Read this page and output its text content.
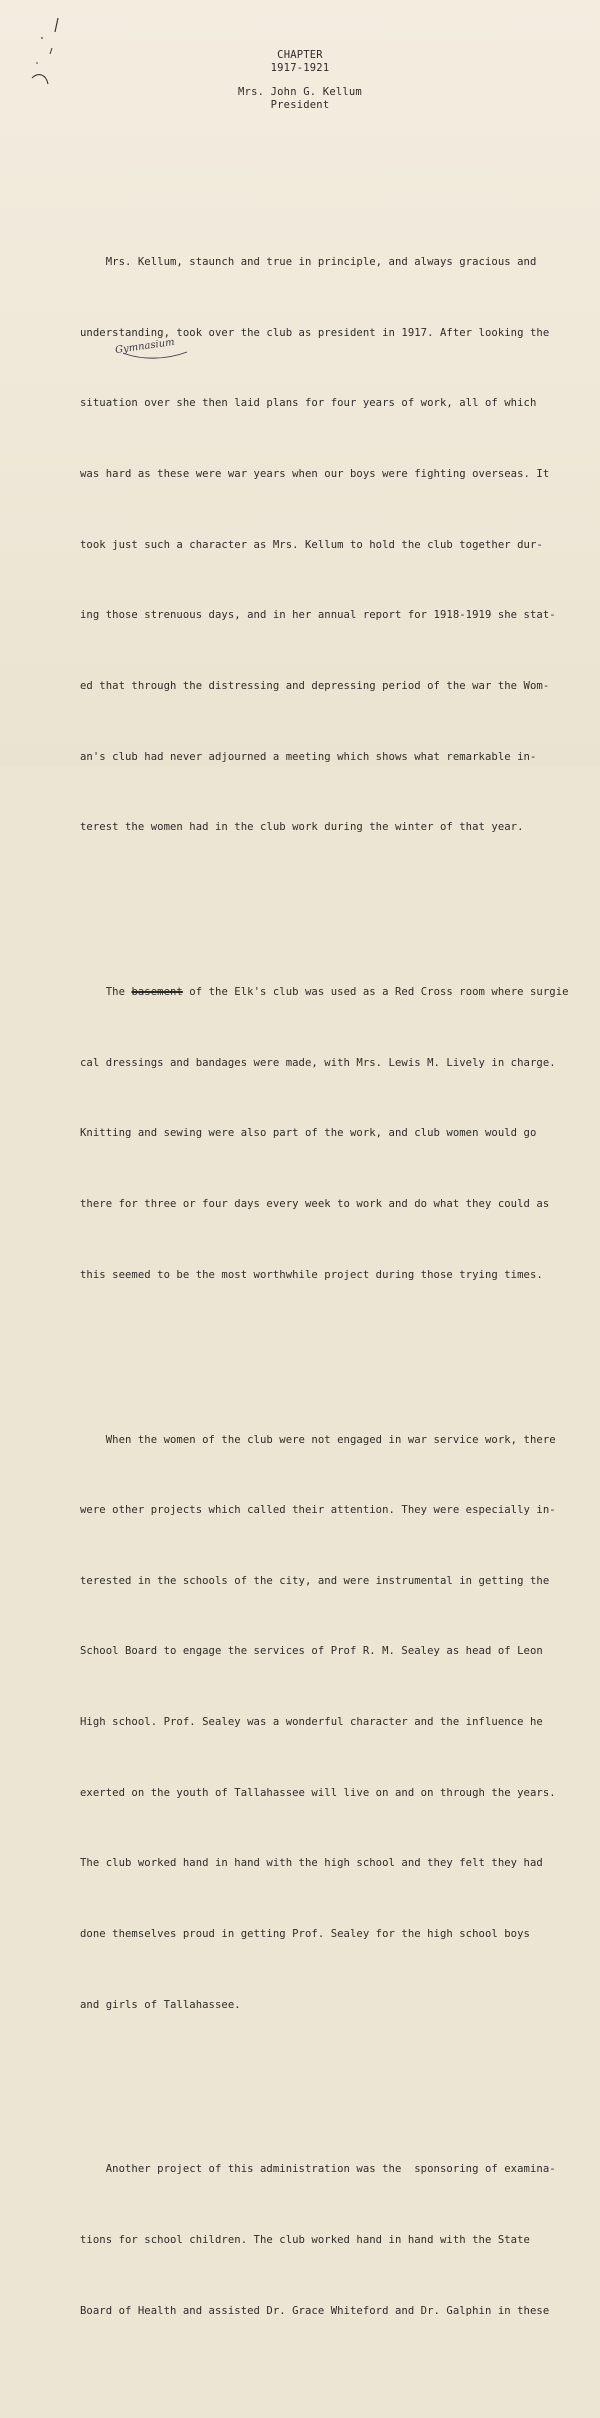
CHAPTER
1917-1921
Mrs. John G. Kellum
President

Mrs. Kellum, staunch and true in principle, and always gracious and

understanding, took over the club as president in 1917. After looking the

situation over she then laid plans for four years of work, all of which

was hard as these were war years when our boys were fighting overseas. It

took just such a character as Mrs. Kellum to hold the club together dur-

ing those strenuous days, and in her annual report for 1918-1919 she stat-

ed that through the distressing and depressing period of the war the Wom-

an's club had never adjourned a meeting which shows what remarkable in-

terest the women had in the club work during the winter of that year.

The basement of the Elk's club was used as a Red Cross room where surgie

cal dressings and bandages were made, with Mrs. Lewis M. Lively in charge.

Knitting and sewing were also part of the work, and club women would go

there for three or four days every week to work and do what they could as

this seemed to be the most worthwhile project during those trying times.

When the women of the club were not engaged in war service work, there

were other projects which called their attention. They were especially in-

terested in the schools of the city, and were instrumental in getting the

School Board to engage the services of Prof R. M. Sealey as head of Leon

High school. Prof. Sealey was a wonderful character and the influence he

exerted on the youth of Tallahassee will live on and on through the years.

The club worked hand in hand with the high school and they felt they had

done themselves proud in getting Prof. Sealey for the high school boys

and girls of Tallahassee.

Another project of this administration was the  sponsoring of examina-

tions for school children. The club worked hand in hand with the State

Board of Health and assisted Dr. Grace Whiteford and Dr. Galphin in these

Gymnasium
